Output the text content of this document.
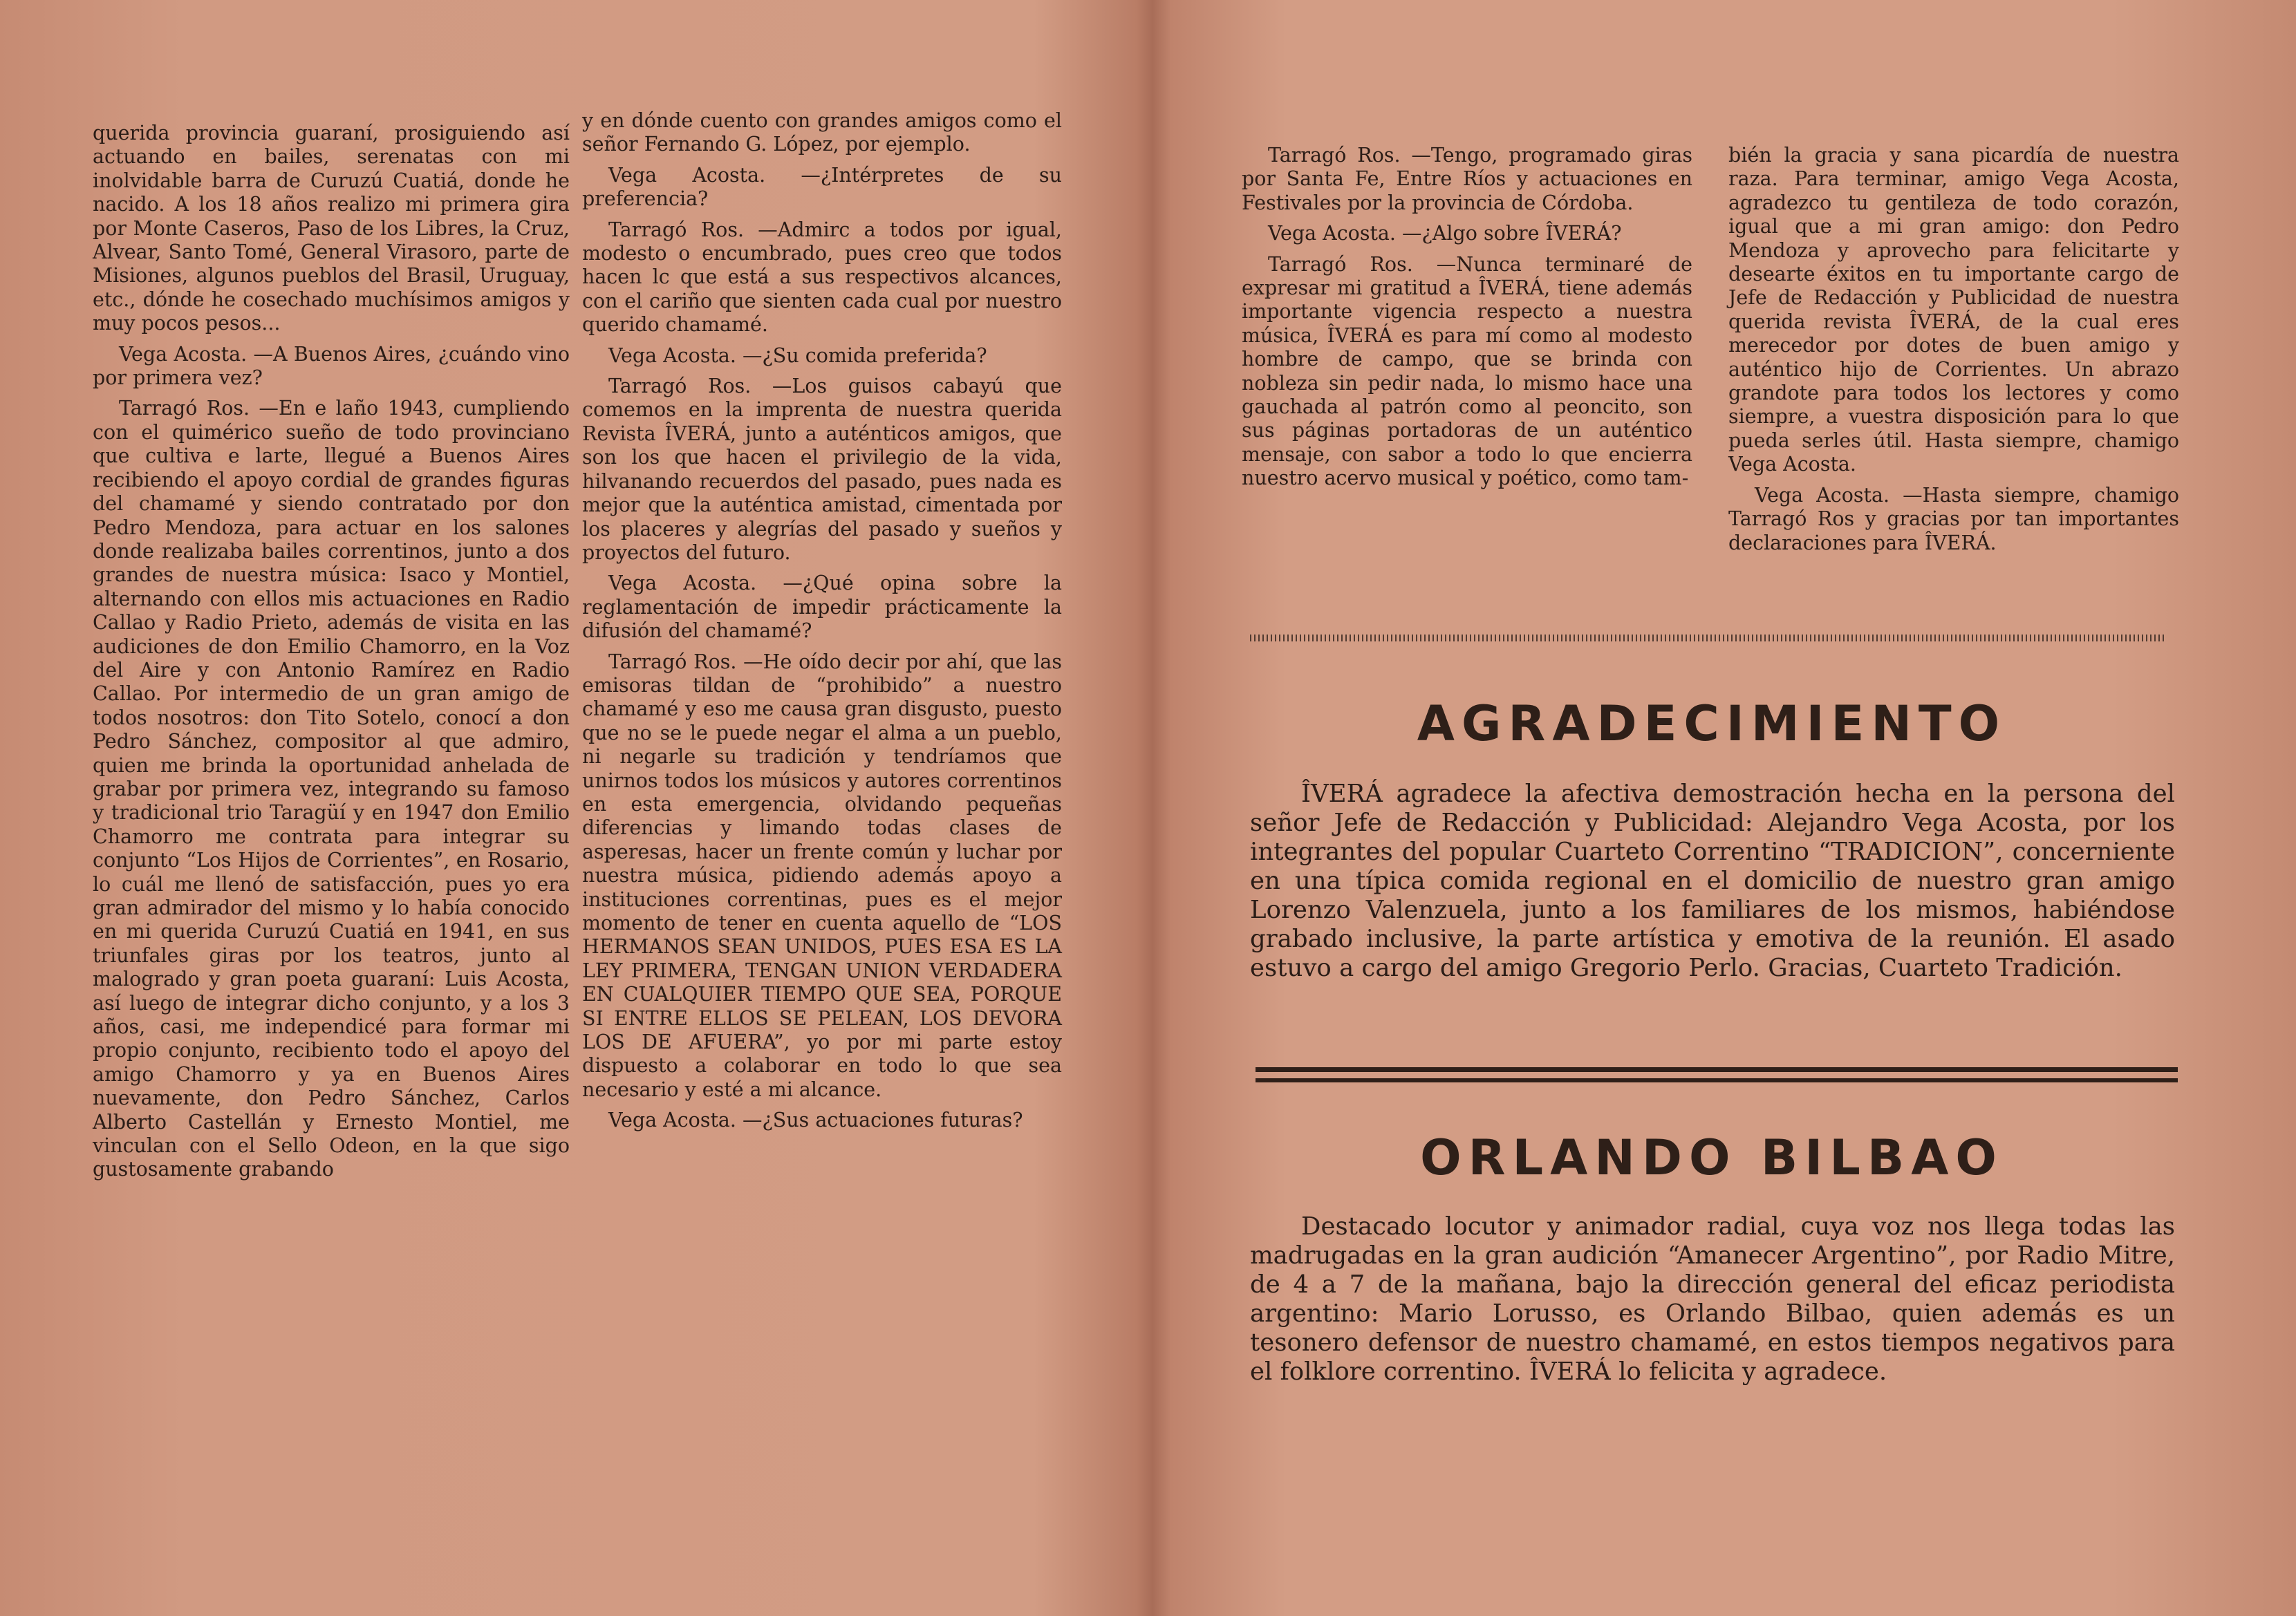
querida provincia guaraní, prosiguiendo así actuando en bailes, serenatas con mi inolvidable barra de Curuzú Cuatiá, donde he nacido. A los 18 años realizo mi primera gira por Monte Caseros, Paso de los Libres, la Cruz, Alvear, Santo Tomé, General Virasoro, parte de Misiones, algunos pueblos del Brasil, Uruguay, etc., dónde he cosechado muchísimos amigos y muy pocos pesos...

Vega Acosta. —A Buenos Aires, ¿cuándo vino por primera vez?

Tarragó Ros. —En e laño 1943, cumpliendo con el quimérico sueño de todo provinciano que cultiva e larte, llegué a Buenos Aires recibiendo el apoyo cordial de grandes figuras del chamamé y siendo contratado por don Pedro Mendoza, para actuar en los salones donde realizaba bailes correntinos, junto a dos grandes de nuestra música: Isaco y Montiel, alternando con ellos mis actuaciones en Radio Callao y Radio Prieto, además de visita en las audiciones de don Emilio Chamorro, en la Voz del Aire y con Antonio Ramírez en Radio Callao. Por intermedio de un gran amigo de todos nosotros: don Tito Sotelo, conocí a don Pedro Sánchez, compositor al que admiro, quien me brinda la oportunidad anhelada de grabar por primera vez, integrando su famoso y tradicional trio Taragüí y en 1947 don Emilio Chamorro me contrata para integrar su conjunto “Los Hijos de Corrientes”, en Rosario, lo cuál me llenó de satisfacción, pues yo era gran admirador del mismo y lo había conocido en mi querida Curuzú Cuatiá en 1941, en sus triunfales giras por los teatros, junto al malogrado y gran poeta guaraní: Luis Acosta, así luego de integrar dicho conjunto, y a los 3 años, casi, me independicé para formar mi propio conjunto, recibiento todo el apoyo del amigo Chamorro y ya en Buenos Aires nuevamente, don Pedro Sánchez, Carlos Alberto Castellán y Ernesto Montiel, me vinculan con el Sello Odeon, en la que sigo gustosamente grabando

y en dónde cuento con grandes amigos como el señor Fernando G. López, por ejemplo.

Vega Acosta. —¿Intérpretes de su preferencia?

Tarragó Ros. —Admirc a todos por igual, modesto o encumbrado, pues creo que todos hacen lc que está a sus respectivos alcances, con el cariño que sienten cada cual por nuestro querido chamamé.

Vega Acosta. —¿Su comida preferida?

Tarragó Ros. —Los guisos cabayú que comemos en la imprenta de nuestra querida Revista ÎVERÁ, junto a auténticos amigos, que son los que hacen el privilegio de la vida, hilvanando recuerdos del pasado, pues nada es mejor que la auténtica amistad, cimentada por los placeres y alegrías del pasado y sueños y proyectos del futuro.

Vega Acosta. —¿Qué opina sobre la reglamentación de impedir prácticamente la difusión del chamamé?

Tarragó Ros. —He oído decir por ahí, que las emisoras tildan de “prohibido” a nuestro chamamé y eso me causa gran disgusto, puesto que no se le puede negar el alma a un pueblo, ni negarle su tradición y tendríamos que unirnos todos los músicos y autores correntinos en esta emergencia, olvidando pequeñas diferencias y limando todas clases de asperesas, hacer un frente común y luchar por nuestra música, pidiendo además apoyo a instituciones correntinas, pues es el mejor momento de tener en cuenta aquello de “LOS HERMANOS SEAN UNIDOS, PUES ESA ES LA LEY PRIMERA, TENGAN UNION VERDADERA EN CUALQUIER TIEMPO QUE SEA, PORQUE SI ENTRE ELLOS SE PELEAN, LOS DEVORA LOS DE AFUERA”, yo por mi parte estoy dispuesto a colaborar en todo lo que sea necesario y esté a mi alcance.

Vega Acosta. —¿Sus actuaciones futuras?

Tarragó Ros. —Tengo, programado giras por Santa Fe, Entre Ríos y actuaciones en Festivales por la provincia de Córdoba.

Vega Acosta. —¿Algo sobre ÎVERÁ?

Tarragó Ros. —Nunca terminaré de expresar mi gratitud a ÎVERÁ, tiene además importante vigencia respecto a nuestra música, ÎVERÁ es para mí como al modesto hombre de campo, que se brinda con nobleza sin pedir nada, lo mismo hace una gauchada al patrón como al peoncito, son sus páginas portadoras de un auténtico mensaje, con sabor a todo lo que encierra nuestro acervo musical y poético, como tam-

bién la gracia y sana picardía de nuestra raza. Para terminar, amigo Vega Acosta, agradezco tu gentileza de todo corazón, igual que a mi gran amigo: don Pedro Mendoza y aprovecho para felicitarte y desearte éxitos en tu importante cargo de Jefe de Redacción y Publicidad de nuestra querida revista ÎVERÁ, de la cual eres merecedor por dotes de buen amigo y auténtico hijo de Corrientes. Un abrazo grandote para todos los lectores y como siempre, a vuestra disposición para lo que pueda serles útil. Hasta siempre, chamigo Vega Acosta.

Vega Acosta. —Hasta siempre, chamigo Tarragó Ros y gracias por tan importantes declaraciones para ÎVERÁ.

AGRADECIMIENTO

ÎVERÁ agradece la afectiva demostración hecha en la persona del señor Jefe de Redacción y Publicidad: Alejandro Vega Acosta, por los integrantes del popular Cuarteto Correntino “TRADICION”, concerniente en una típica comida regional en el domicilio de nuestro gran amigo Lorenzo Valenzuela, junto a los familiares de los mismos, habiéndose grabado inclusive, la parte artística y emotiva de la reunión. El asado estuvo a cargo del amigo Gregorio Perlo. Gracias, Cuarteto Tradición.

ORLANDO BILBAO

Destacado locutor y animador radial, cuya voz nos llega todas las madrugadas en la gran audición “Amanecer Argentino”, por Radio Mitre, de 4 a 7 de la mañana, bajo la dirección general del eficaz periodista argentino: Mario Lorusso, es Orlando Bilbao, quien además es un tesonero defensor de nuestro chamamé, en estos tiempos negativos para el folklore correntino. ÎVERÁ lo felicita y agradece.
